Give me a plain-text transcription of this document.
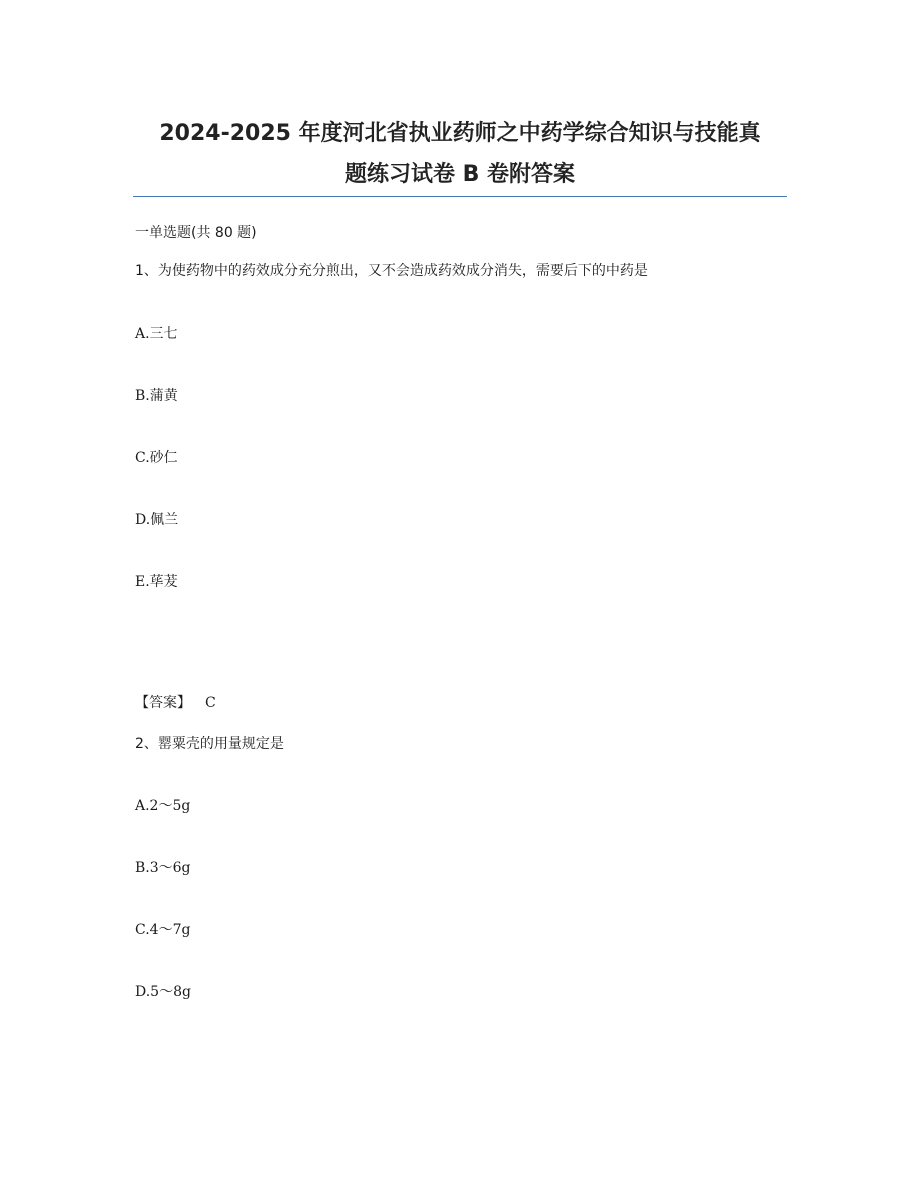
2024-2025 年度河北省执业药师之中药学综合知识与技能真
题练习试卷 B 卷附答案
一单选题(共 80 题)
1、为使药物中的药效成分充分煎出，又不会造成药效成分消失，需要后下的中药是
A.三七
B.蒲黄
C.砂仁
D.佩兰
E.荜茇
【答案】 C
2、罂粟壳的用量规定是
A.2～5g
B.3～6g
C.4～7g
D.5～8g
